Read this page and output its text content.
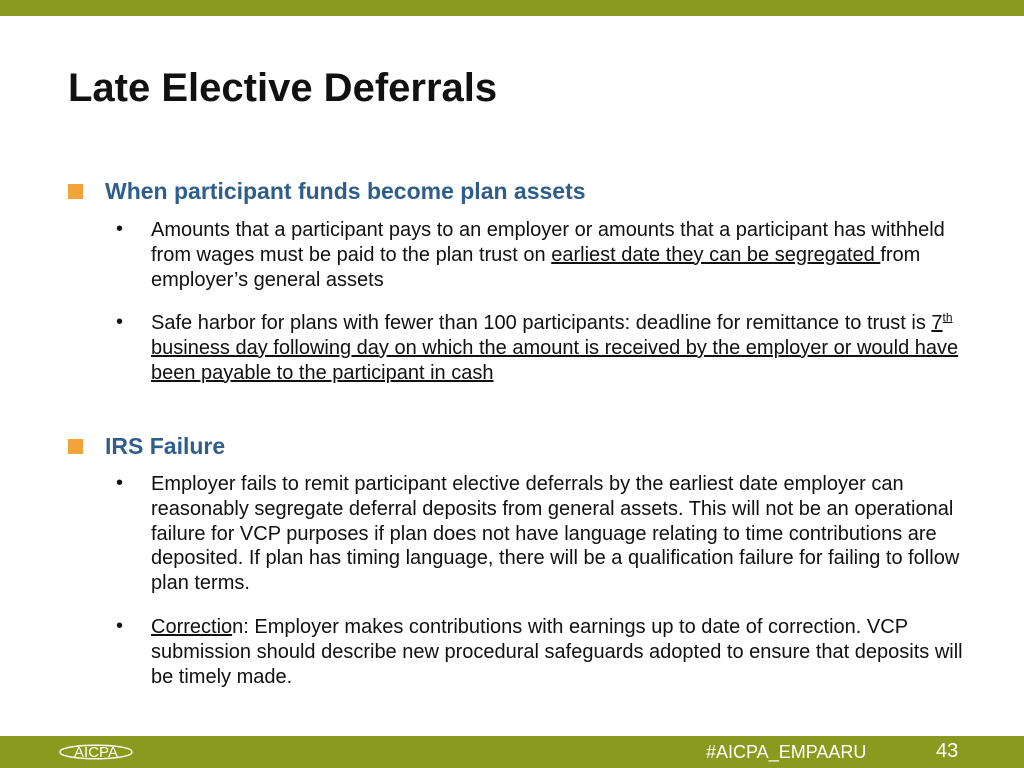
Late Elective Deferrals
When participant funds become plan assets
• Amounts that a participant pays to an employer or amounts that a participant has withheld from wages must be paid to the plan trust on earliest date they can be segregated from employer’s general assets
• Safe harbor for plans with fewer than 100 participants: deadline for remittance to trust is 7th business day following day on which the amount is received by the employer or would have been payable to the participant in cash
IRS Failure
• Employer fails to remit participant elective deferrals by the earliest date employer can reasonably segregate deferral deposits from general assets. This will not be an operational failure for VCP purposes if plan does not have language relating to time contributions are deposited. If plan has timing language, there will be a qualification failure for failing to follow plan terms.
• Correction: Employer makes contributions with earnings up to date of correction. VCP submission should describe new procedural safeguards adopted to ensure that deposits will be timely made.
AICPA	#AICPA_EMPAARU	43
